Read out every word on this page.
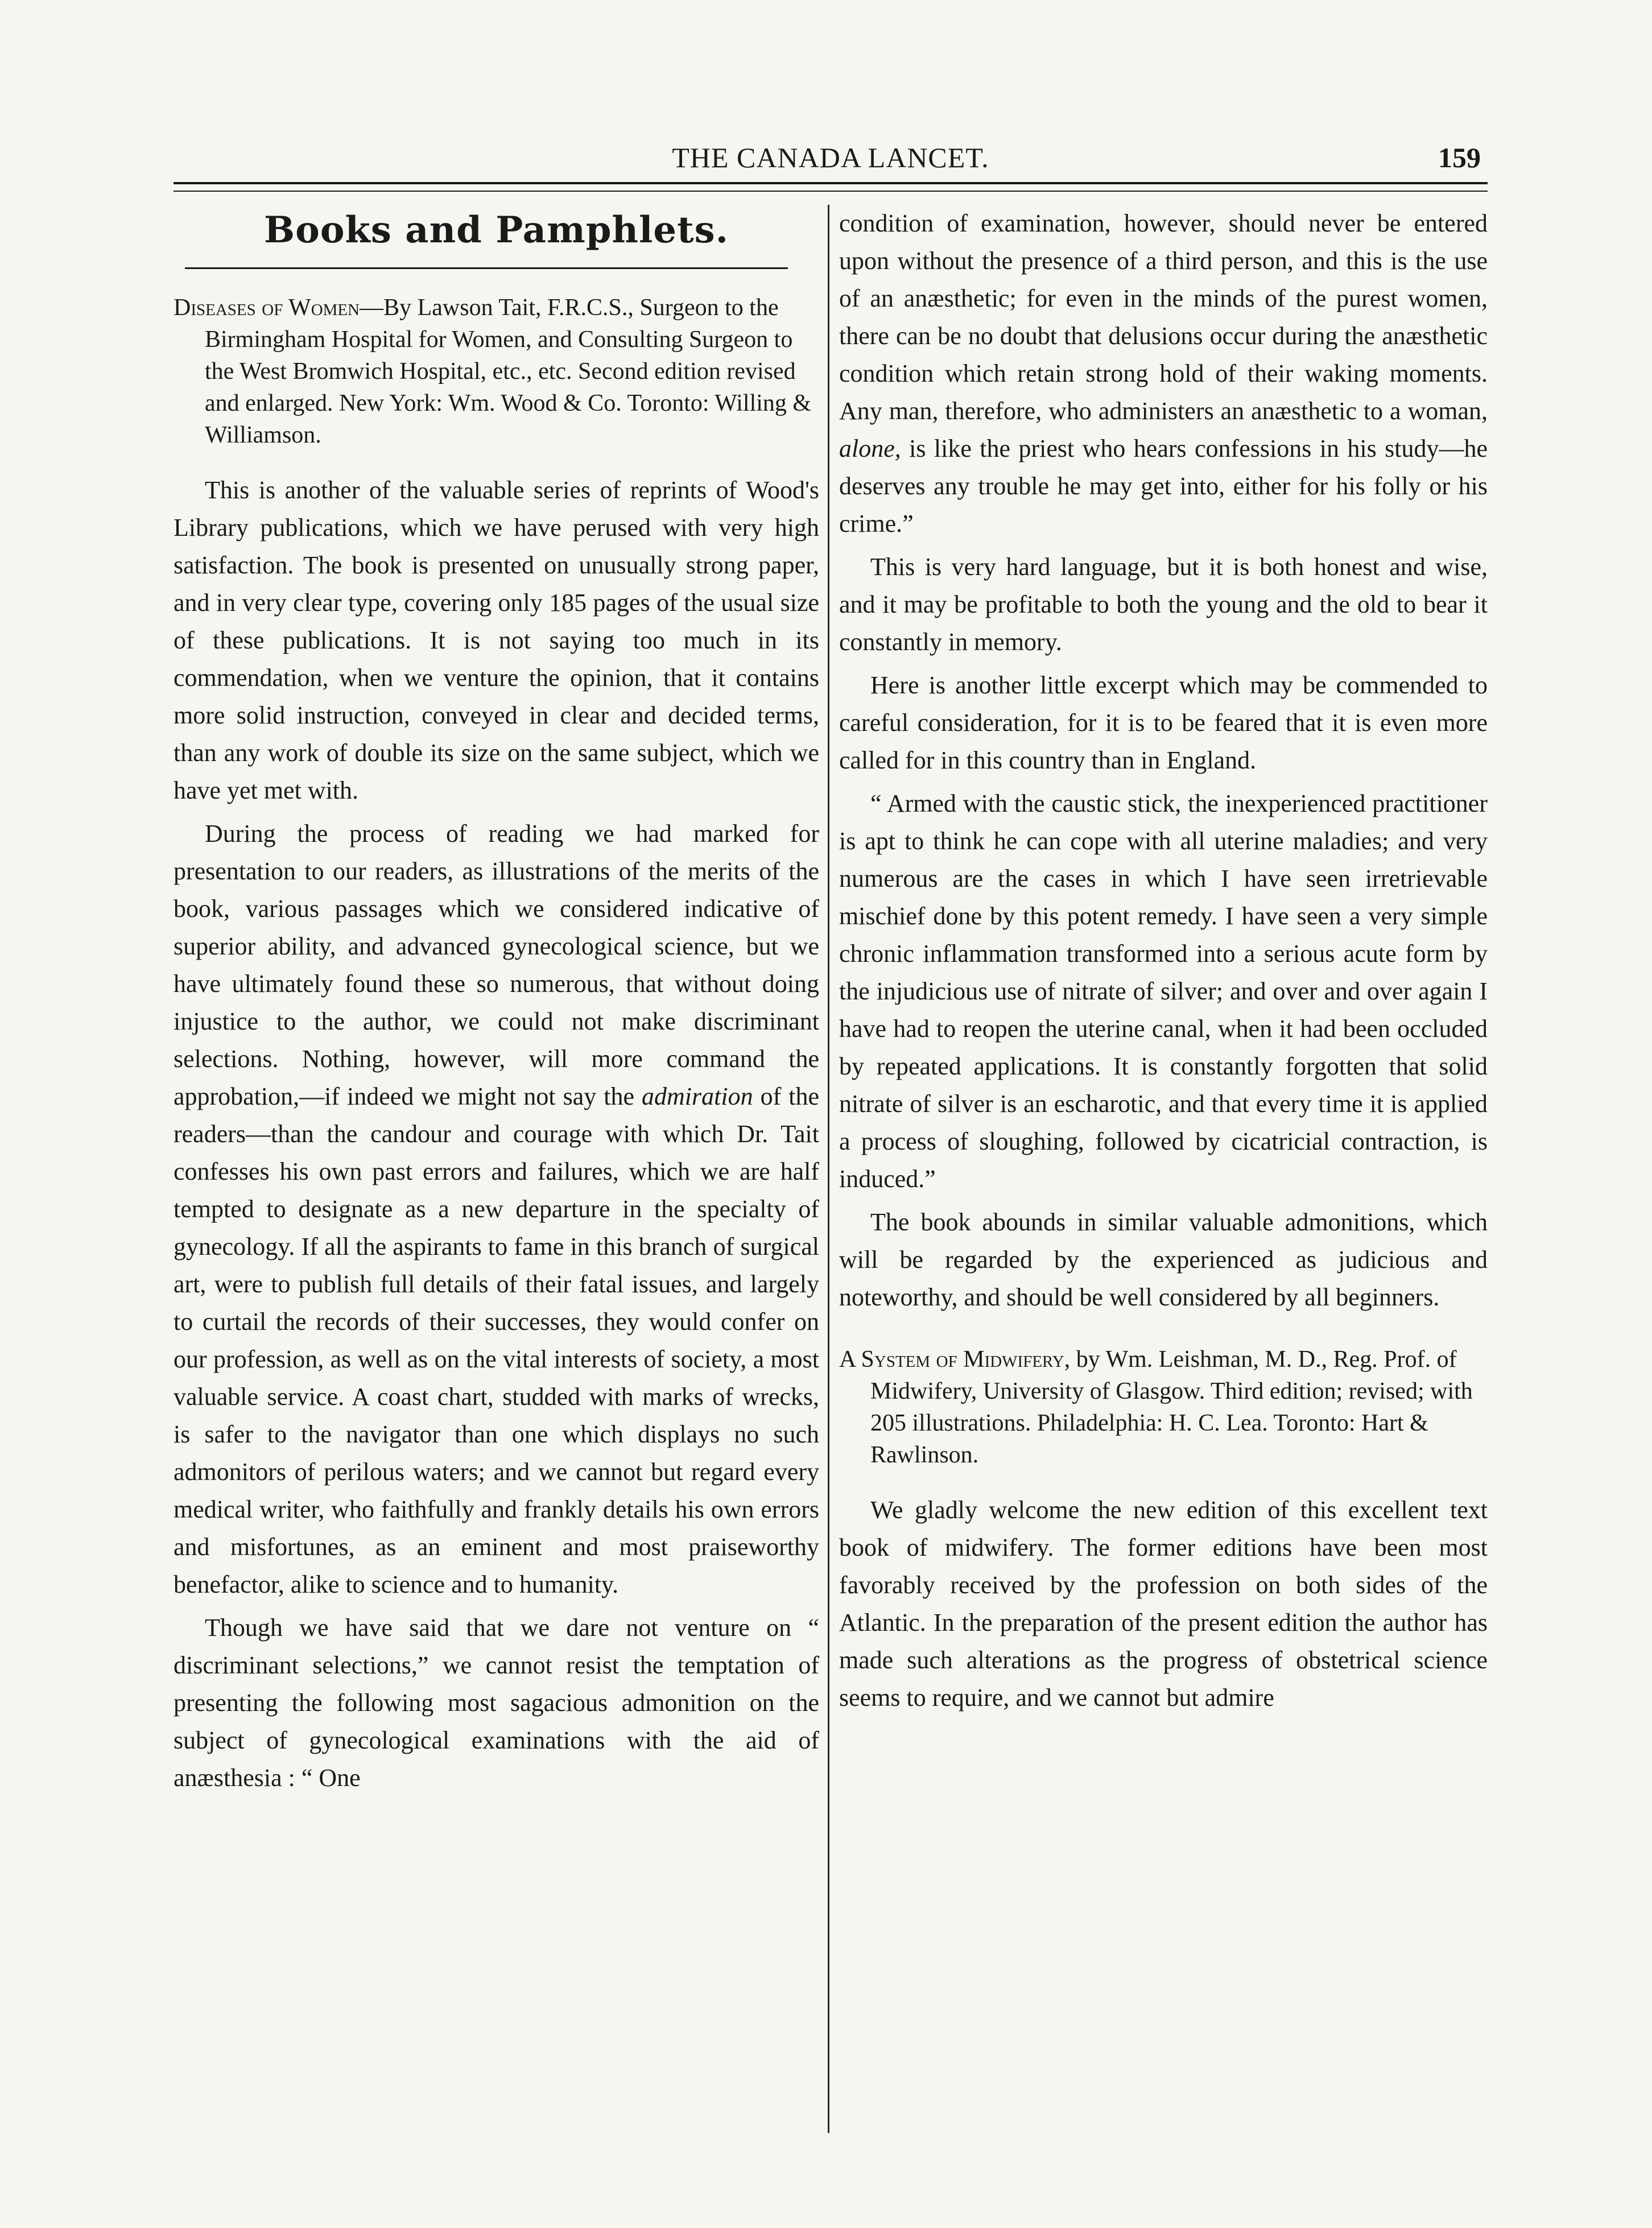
THE CANADA LANCET.	159
Books and Pamphlets.
Diseases of Women—By Lawson Tait, F.R.C.S., Surgeon to the Birmingham Hospital for Women, and Consulting Surgeon to the West Bromwich Hospital, etc., etc. Second edition revised and enlarged. New York: Wm. Wood & Co. Toronto: Willing & Williamson.

This is another of the valuable series of reprints of Wood's Library publications, which we have perused with very high satisfaction. The book is presented on unusually strong paper, and in very clear type, covering only 185 pages of the usual size of these publications. It is not saying too much in its commendation, when we venture the opinion, that it contains more solid instruction, conveyed in clear and decided terms, than any work of double its size on the same subject, which we have yet met with.

During the process of reading we had marked for presentation to our readers, as illustrations of the merits of the book, various passages which we considered indicative of superior ability, and advanced gynecological science, but we have ultimately found these so numerous, that without doing injustice to the author, we could not make discriminant selections. Nothing, however, will more command the approbation,—if indeed we might not say the admiration of the readers—than the candour and courage with which Dr. Tait confesses his own past errors and failures, which we are half tempted to designate as a new departure in the specialty of gynecology. If all the aspirants to fame in this branch of surgical art, were to publish full details of their fatal issues, and largely to curtail the records of their successes, they would confer on our profession, as well as on the vital interests of society, a most valuable service. A coast chart, studded with marks of wrecks, is safer to the navigator than one which displays no such admonitors of perilous waters; and we cannot but regard every medical writer, who faithfully and frankly details his own errors and misfortunes, as an eminent and most praiseworthy benefactor, alike to science and to humanity.

Though we have said that we dare not venture on “ discriminant selections,” we cannot resist the temptation of presenting the following most sagacious admonition on the subject of gynecological examinations with the aid of anæsthesia : “ One

condition of examination, however, should never be entered upon without the presence of a third person, and this is the use of an anæsthetic; for even in the minds of the purest women, there can be no doubt that delusions occur during the anæsthetic condition which retain strong hold of their waking moments. Any man, therefore, who administers an anæsthetic to a woman, alone, is like the priest who hears confessions in his study—he deserves any trouble he may get into, either for his folly or his crime.”

This is very hard language, but it is both honest and wise, and it may be profitable to both the young and the old to bear it constantly in memory.

Here is another little excerpt which may be commended to careful consideration, for it is to be feared that it is even more called for in this country than in England.

“ Armed with the caustic stick, the inexperienced practitioner is apt to think he can cope with all uterine maladies; and very numerous are the cases in which I have seen irretrievable mischief done by this potent remedy. I have seen a very simple chronic inflammation transformed into a serious acute form by the injudicious use of nitrate of silver; and over and over again I have had to reopen the uterine canal, when it had been occluded by repeated applications. It is constantly forgotten that solid nitrate of silver is an escharotic, and that every time it is applied a process of sloughing, followed by cicatricial contraction, is induced.”

The book abounds in similar valuable admonitions, which will be regarded by the experienced as judicious and noteworthy, and should be well considered by all beginners.

A System of Midwifery, by Wm. Leishman, M. D., Reg. Prof. of Midwifery, University of Glasgow. Third edition; revised; with 205 illustrations. Philadelphia: H. C. Lea. Toronto: Hart & Rawlinson.

We gladly welcome the new edition of this excellent text book of midwifery. The former editions have been most favorably received by the profession on both sides of the Atlantic. In the preparation of the present edition the author has made such alterations as the progress of obstetrical science seems to require, and we cannot but admire
